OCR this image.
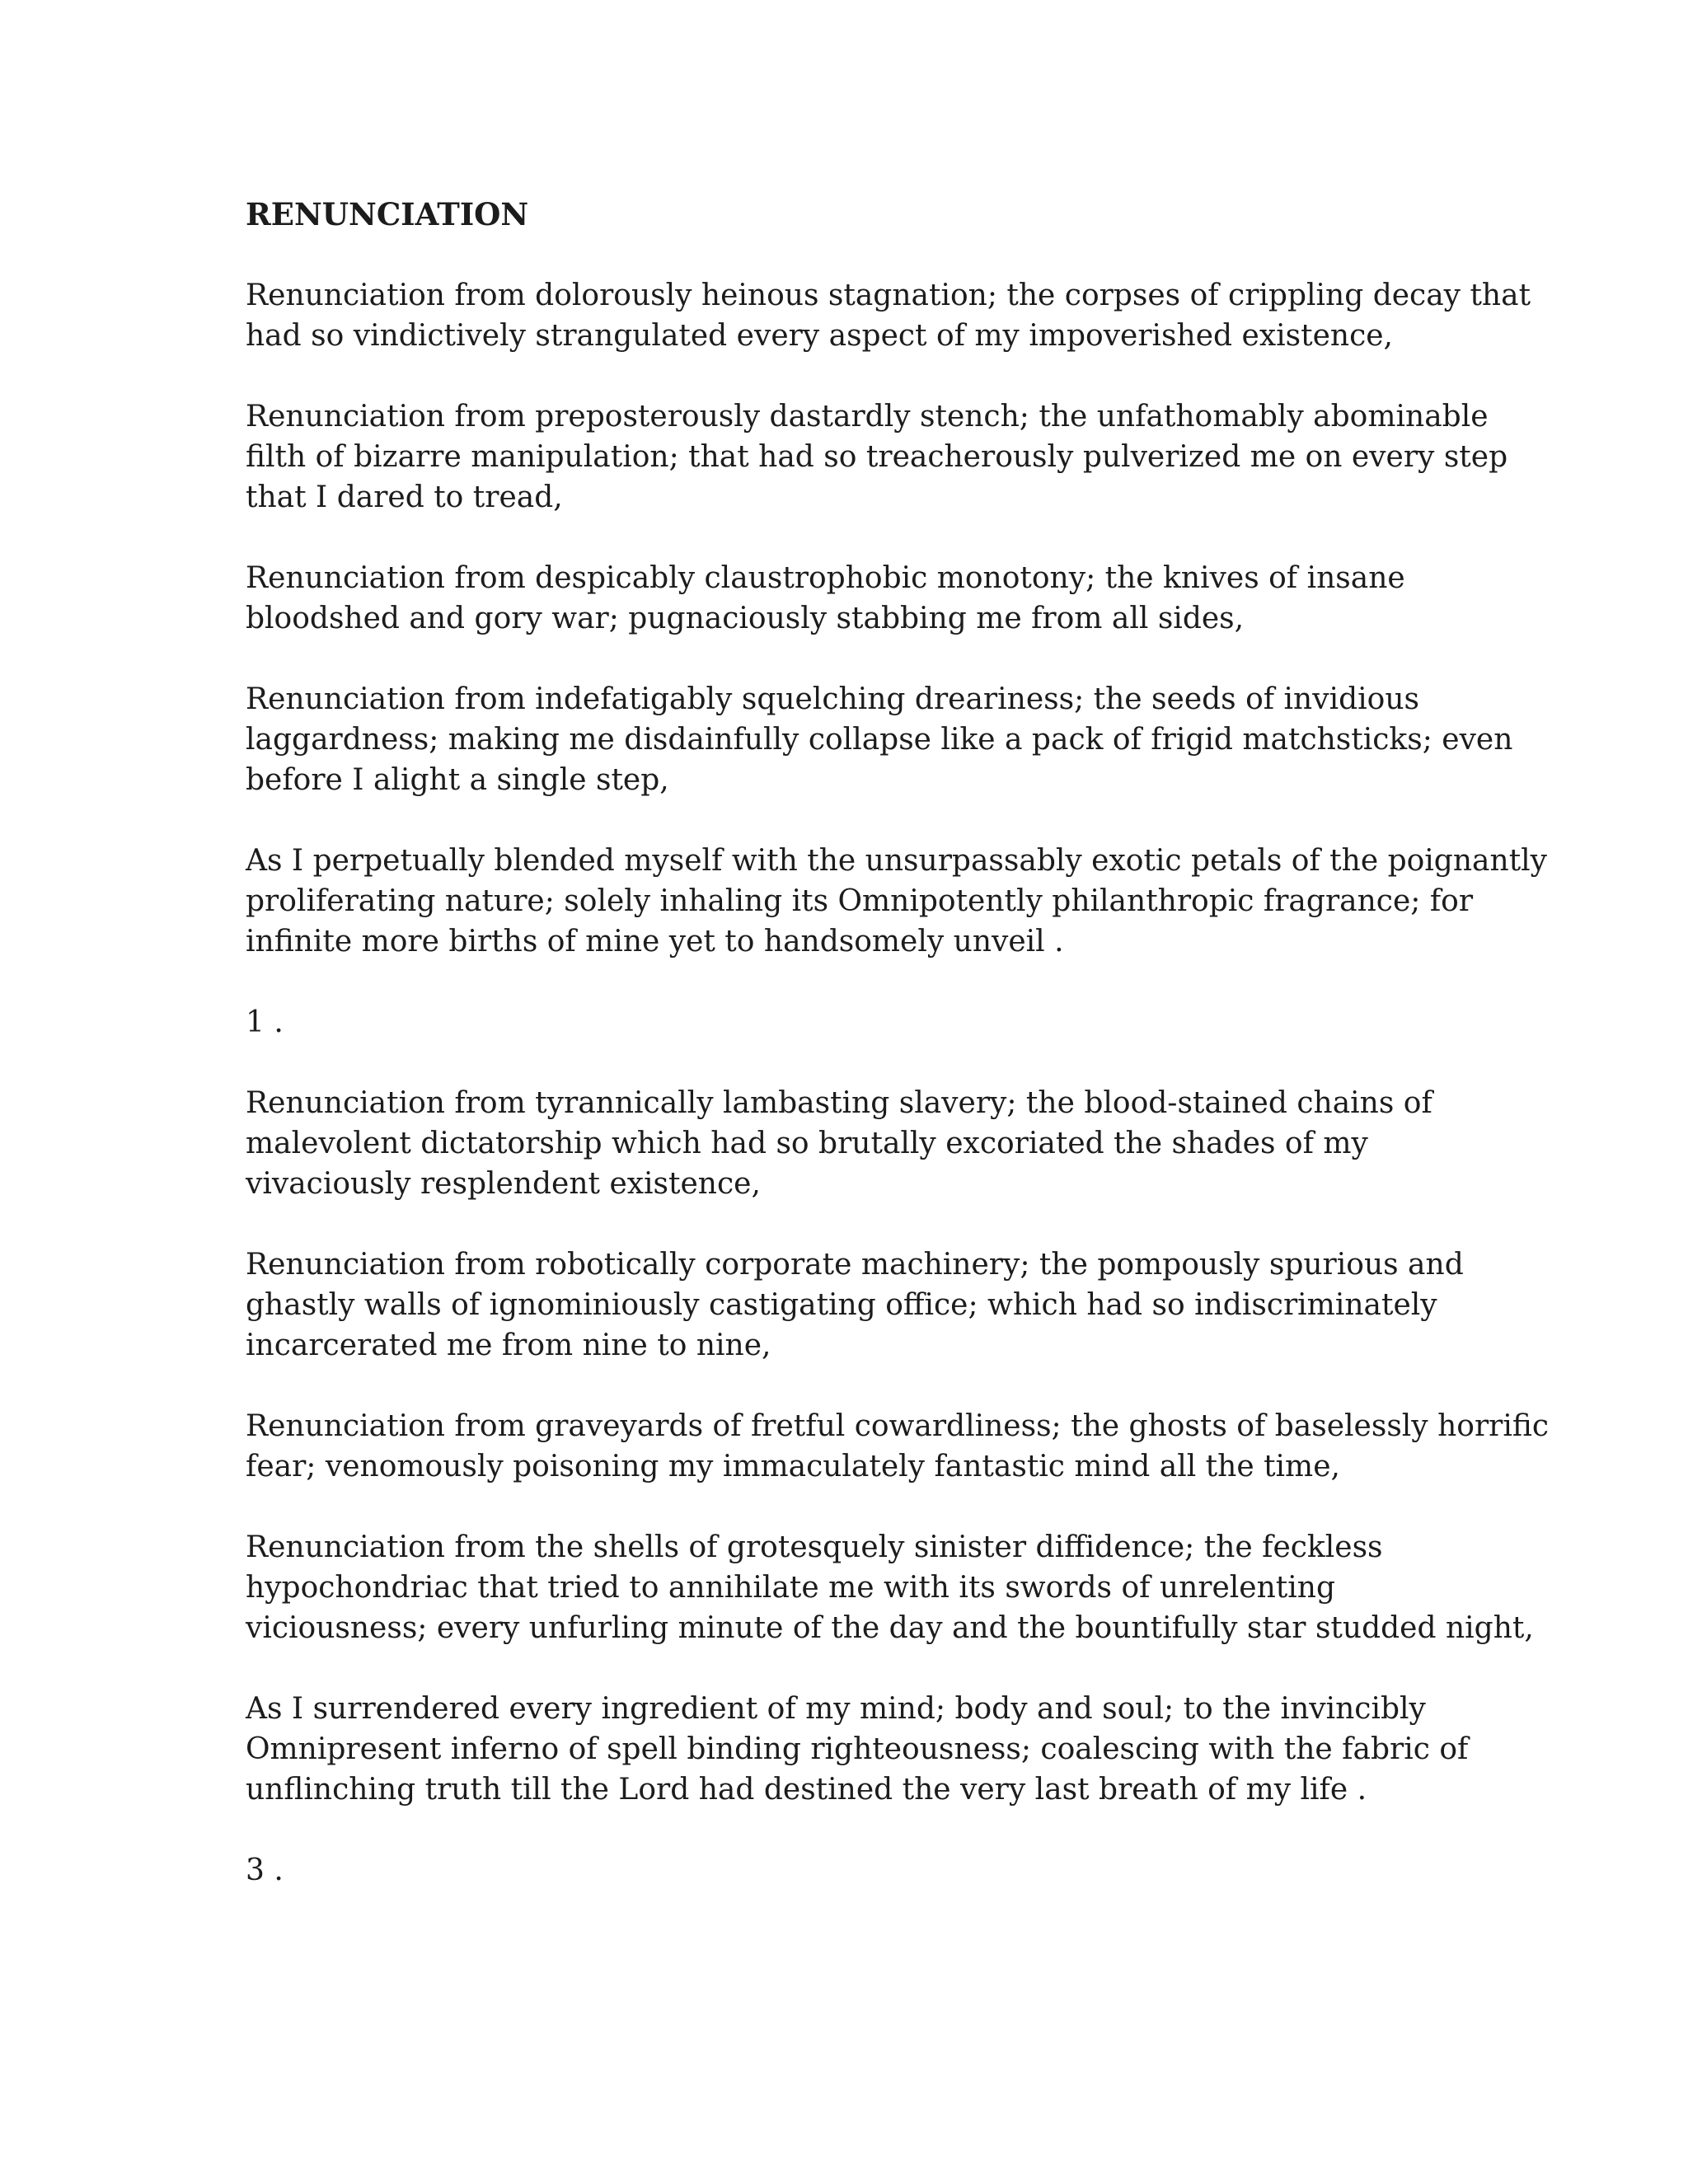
RENUNCIATION
Renunciation from dolorously heinous stagnation; the corpses of crippling decay that
had so vindictively strangulated every aspect of my impoverished existence,
Renunciation from preposterously dastardly stench; the unfathomably abominable
filth of bizarre manipulation; that had so treacherously pulverized me on every step
that I dared to tread,
Renunciation from despicably claustrophobic monotony; the knives of insane
bloodshed and gory war; pugnaciously stabbing me from all sides,
Renunciation from indefatigably squelching dreariness; the seeds of invidious
laggardness; making me disdainfully collapse like a pack of frigid matchsticks; even
before I alight a single step,
As I perpetually blended myself with the unsurpassably exotic petals of the poignantly
proliferating nature; solely inhaling its Omnipotently philanthropic fragrance; for
infinite more births of mine yet to handsomely unveil .
1 .
Renunciation from tyrannically lambasting slavery; the blood-stained chains of
malevolent dictatorship which had so brutally excoriated the shades of my
vivaciously resplendent existence,
Renunciation from robotically corporate machinery; the pompously spurious and
ghastly walls of ignominiously castigating office; which had so indiscriminately
incarcerated me from nine to nine,
Renunciation from graveyards of fretful cowardliness; the ghosts of baselessly horrific
fear; venomously poisoning my immaculately fantastic mind all the time,
Renunciation from the shells of grotesquely sinister diffidence; the feckless
hypochondriac that tried to annihilate me with its swords of unrelenting
viciousness; every unfurling minute of the day and the bountifully star studded night,
As I surrendered every ingredient of my mind; body and soul; to the invincibly
Omnipresent inferno of spell binding righteousness; coalescing with the fabric of
unflinching truth till the Lord had destined the very last breath of my life .
3 .
